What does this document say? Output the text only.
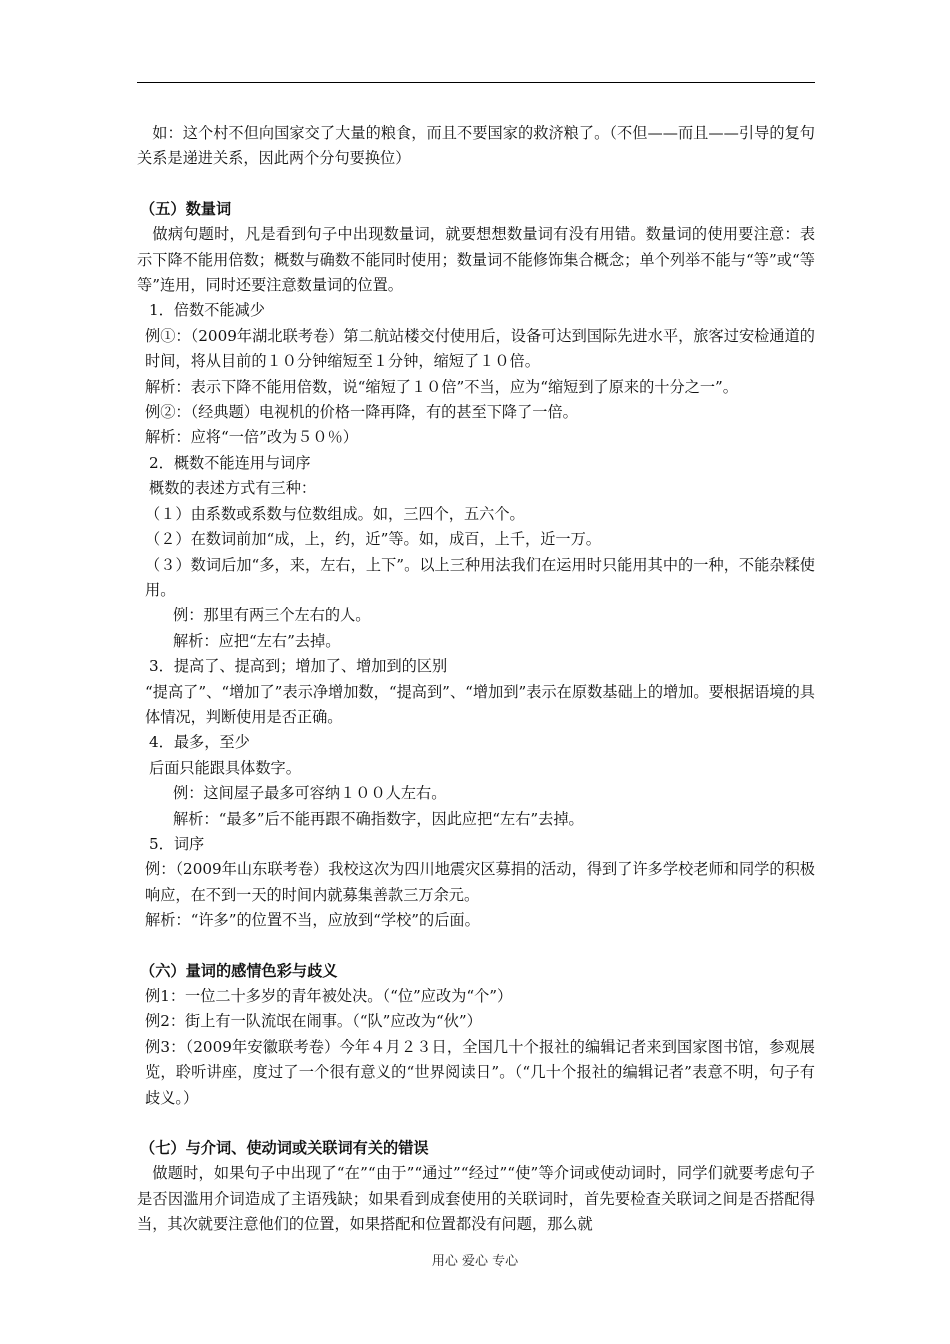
　如：这个村不但向国家交了大量的粮食，而且不要国家的救济粮了。（不但——而且——引导的复句关系是递进关系，因此两个分句要换位）

（五）数量词

　做病句题时，凡是看到句子中出现数量词，就要想想数量词有没有用错。数量词的使用要注意：表示下降不能用倍数；概数与确数不能同时使用；数量词不能修饰集合概念；单个列举不能与“等”或“等等”连用，同时还要注意数量词的位置。

1．倍数不能减少

例①：（2009年湖北联考卷）第二航站楼交付使用后，设备可达到国际先进水平，旅客过安检通道的时间，将从目前的１０分钟缩短至１分钟，缩短了１０倍。

解析：表示下降不能用倍数，说“缩短了１０倍”不当，应为“缩短到了原来的十分之一”。

例②：（经典题）电视机的价格一降再降，有的甚至下降了一倍。

解析：应将“一倍”改为５０％）

2．概数不能连用与词序

概数的表述方式有三种：

（１）由系数或系数与位数组成。如，三四个，五六个。

（２）在数词前加“成，上，约，近”等。如，成百，上千，近一万。

（３）数词后加“多，来，左右，上下”。以上三种用法我们在运用时只能用其中的一种，不能杂糅使用。

例：那里有两三个左右的人。

解析：应把“左右”去掉。

3．提高了、提高到；增加了、增加到的区别

“提高了”、“增加了”表示净增加数，“提高到”、“增加到”表示在原数基础上的增加。要根据语境的具体情况，判断使用是否正确。

4．最多，至少

后面只能跟具体数字。

例：这间屋子最多可容纳１００人左右。

解析：“最多”后不能再跟不确指数字，因此应把“左右”去掉。

5．词序

例：（2009年山东联考卷）我校这次为四川地震灾区募捐的活动，得到了许多学校老师和同学的积极响应，在不到一天的时间内就募集善款三万余元。

解析：“许多”的位置不当，应放到“学校”的后面。

（六）量词的感情色彩与歧义

例1：一位二十多岁的青年被处决。（“位”应改为“个”）

例2：街上有一队流氓在闹事。（“队”应改为“伙”）

例3：（2009年安徽联考卷）今年４月２３日，全国几十个报社的编辑记者来到国家图书馆，参观展览，聆听讲座，度过了一个很有意义的“世界阅读日”。（“几十个报社的编辑记者”表意不明，句子有歧义。）

（七）与介词、使动词或关联词有关的错误

　做题时，如果句子中出现了“在”“由于”“通过”“经过”“使”等介词或使动词时，同学们就要考虑句子是否因滥用介词造成了主语残缺；如果看到成套使用的关联词时，首先要检查关联词之间是否搭配得当，其次就要注意他们的位置，如果搭配和位置都没有问题，那么就

用心 爱心 专心
